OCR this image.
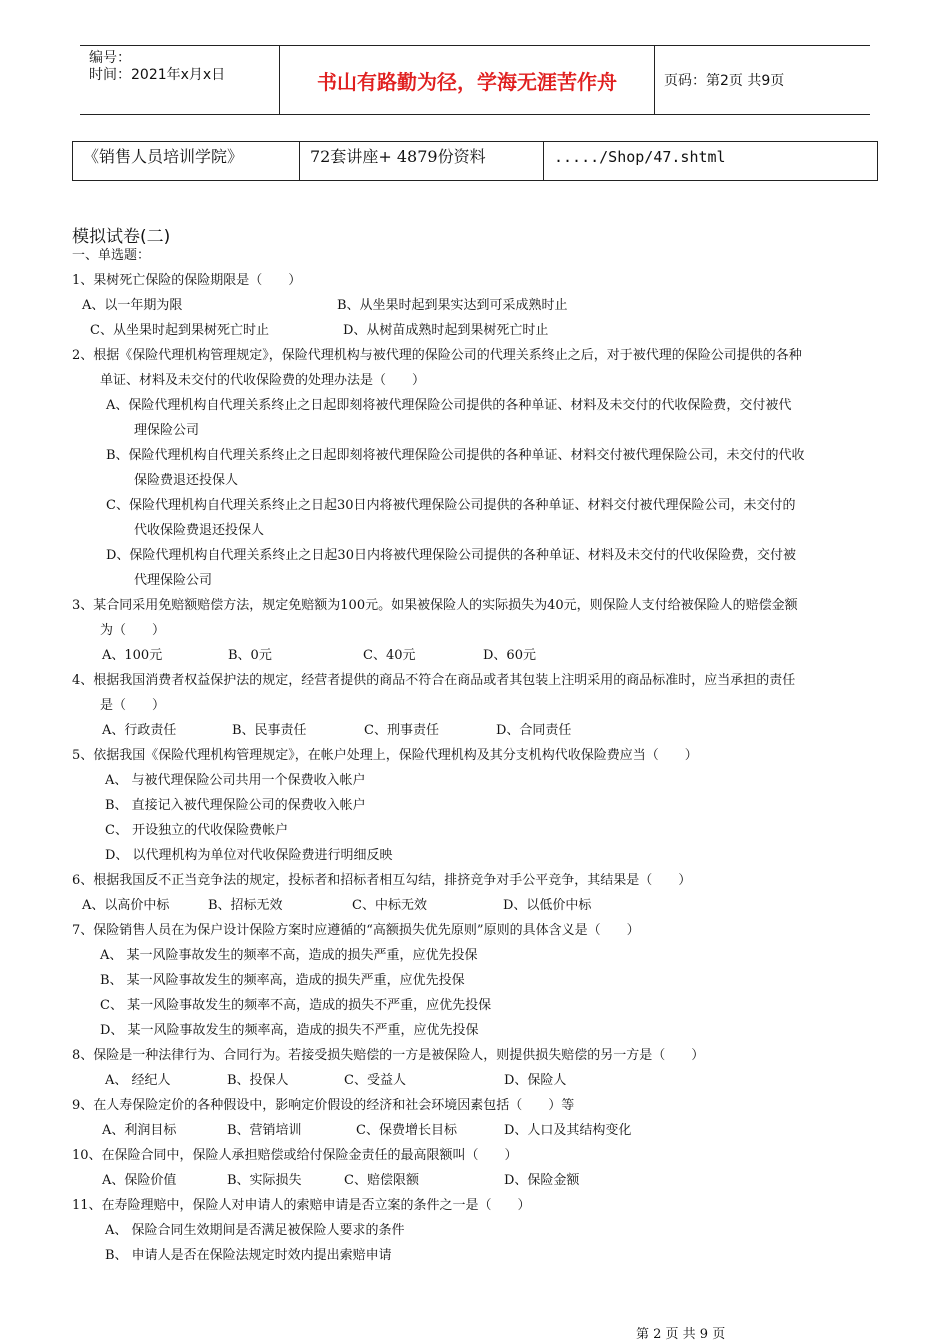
编号：
时间：2021年x月x日	书山有路勤为径，学海无涯苦作舟	页码：第2页 共9页
《销售人员培训学院》	72套讲座+ 4879份资料	...../Shop/47.shtml
模拟试卷(二)
一、单选题：
1、果树死亡保险的保险期限是（　　）
A、以一年期为限	B、从坐果时起到果实达到可采成熟时止
C、从坐果时起到果树死亡时止	D、从树苗成熟时起到果树死亡时止
2、根据《保险代理机构管理规定》，保险代理机构与被代理的保险公司的代理关系终止之后，对于被代理的保险公司提供的各种
单证、材料及未交付的代收保险费的处理办法是（　　）
A、保险代理机构自代理关系终止之日起即刻将被代理保险公司提供的各种单证、材料及未交付的代收保险费，交付被代
理保险公司
B、保险代理机构自代理关系终止之日起即刻将被代理保险公司提供的各种单证、材料交付被代理保险公司，未交付的代收
保险费退还投保人
C、保险代理机构自代理关系终止之日起30日内将被代理保险公司提供的各种单证、材料交付被代理保险公司，未交付的
代收保险费退还投保人
D、保险代理机构自代理关系终止之日起30日内将被代理保险公司提供的各种单证、材料及未交付的代收保险费，交付被
代理保险公司
3、某合同采用免赔额赔偿方法，规定免赔额为100元。如果被保险人的实际损失为40元，则保险人支付给被保险人的赔偿金额
为（　　）
A、100元	B、0元	C、40元	D、60元
4、根据我国消费者权益保护法的规定，经营者提供的商品不符合在商品或者其包装上注明采用的商品标准时，应当承担的责任
是（　　）
A、行政责任	B、民事责任	C、刑事责任	D、合同责任
5、依据我国《保险代理机构管理规定》，在帐户处理上，保险代理机构及其分支机构代收保险费应当（　　）
A、 与被代理保险公司共用一个保费收入帐户
B、 直接记入被代理保险公司的保费收入帐户
C、 开设独立的代收保险费帐户
D、 以代理机构为单位对代收保险费进行明细反映
6、根据我国反不正当竞争法的规定，投标者和招标者相互勾结，排挤竞争对手公平竞争，其结果是（　　）
A、以高价中标	B、招标无效	C、中标无效	D、以低价中标
7、保险销售人员在为保户设计保险方案时应遵循的“高额损失优先原则”原则的具体含义是（　　）
A、 某一风险事故发生的频率不高，造成的损失严重，应优先投保
B、 某一风险事故发生的频率高，造成的损失严重，应优先投保
C、 某一风险事故发生的频率不高，造成的损失不严重，应优先投保
D、 某一风险事故发生的频率高，造成的损失不严重，应优先投保
8、保险是一种法律行为、合同行为。若接受损失赔偿的一方是被保险人，则提供损失赔偿的另一方是（　　）
A、 经纪人	B、投保人	C、受益人	D、保险人
9、在人寿保险定价的各种假设中，影响定价假设的经济和社会环境因素包括（　　）等
A、利润目标	B、营销培训	C、保费增长目标	D、人口及其结构变化
10、在保险合同中，保险人承担赔偿或给付保险金责任的最高限额叫（　　）
A、保险价值	B、实际损失	C、赔偿限额	D、保险金额
11、在寿险理赔中，保险人对申请人的索赔申请是否立案的条件之一是（　　）
A、 保险合同生效期间是否满足被保险人要求的条件
B、 申请人是否在保险法规定时效内提出索赔申请
第 2 页 共 9 页
